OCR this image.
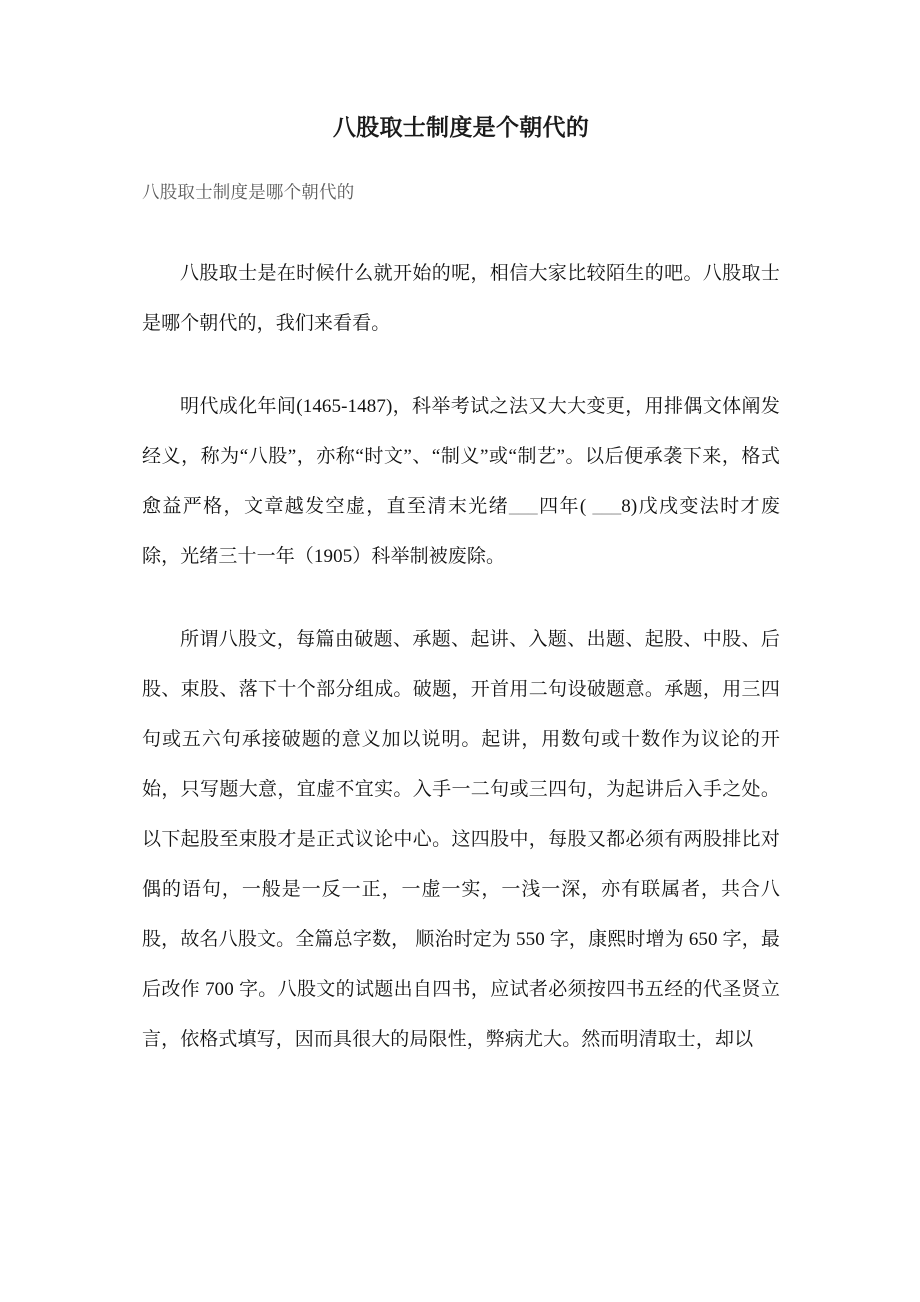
八股取士制度是个朝代的

八股取士制度是哪个朝代的

八股取士是在时候什么就开始的呢，相信大家比较陌生的吧。八股取士是哪个朝代的，我们来看看。

明代成化年间(1465-1487)，科举考试之法又大大变更，用排偶文体阐发经义，称为“八股”，亦称“时文”、“制义”或“制艺”。以后便承袭下来，格式愈益严格，文章越发空虚，直至清末光绪___四年( ___8)戊戌变法时才废除，光绪三十一年（1905）科举制被废除。

所谓八股文，每篇由破题、承题、起讲、入题、出题、起股、中股、后股、束股、落下十个部分组成。破题，开首用二句设破题意。承题，用三四句或五六句承接破题的意义加以说明。起讲，用数句或十数作为议论的开始，只写题大意，宜虚不宜实。入手一二句或三四句，为起讲后入手之处。以下起股至束股才是正式议论中心。这四股中，每股又都必须有两股排比对偶的语句，一般是一反一正，一虚一实，一浅一深，亦有联属者，共合八股，故名八股文。全篇总字数， 顺治时定为 550 字，康熙时增为 650 字，最后改作 700 字。八股文的试题出自四书，应试者必须按四书五经的代圣贤立言，依格式填写，因而具很大的局限性，弊病尤大。然而明清取士，却以
